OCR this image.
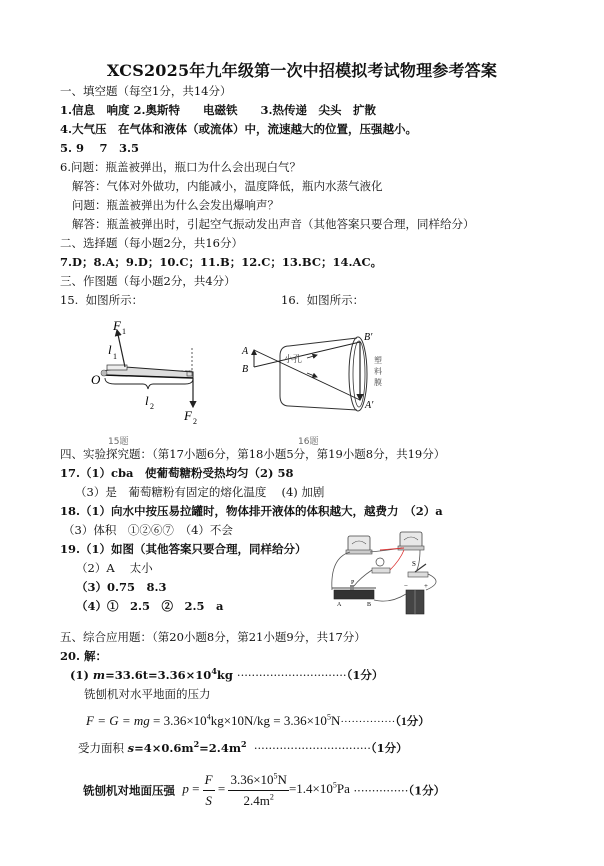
XCS2025年九年级第一次中招模拟考试物理参考答案
一、填空题（每空1分，共14分）
1.信息　响度 2.奥斯特　　电磁铁　　3.热传递　尖头　扩散
4.大气压　在气体和液体（或流体）中，流速越大的位置，压强越小。
5. 9　 7　3.5
6.问题：瓶盖被弹出，瓶口为什么会出现白气？
解答：气体对外做功，内能减小，温度降低，瓶内水蒸气液化
问题：瓶盖被弹出为什么会发出爆响声？
解答：瓶盖被弹出时，引起空气振动发出声音（其他答案只要合理，同样给分）
二、选择题（每小题2分，共16分）
7.D；8.A；9.D；10.C；11.B；12.C；13.BC；14.AC。
三、作图题（每小题2分，共4分）
15.  如图所示：	16.  如图所示：
F 1
l 1
O
l 2
F 2
15题
A
B
B′
A′
小孔	塑
料
膜
16题
四、实验探究题：（第17小题6分，第18小题5分，第19小题8分，共19分）
17.（1）cba　使葡萄糖粉受热均匀（2) 58
（3）是　葡萄糖粉有固定的熔化温度　 (4) 加剧
18.（1）向水中按压易拉罐时，物体排开液体的体积越大，越费力　（2）a
（3）体积　①②⑥⑦　（4）不会
19.（1）如图（其他答案只要合理，同样给分）
（2）A　 太小
（3）0.75　8.3
（4）①　2.5　②　2.5　a
S
P
A	B
− +
五、综合应用题：（第20小题8分，第21小题9分，共17分）
20. 解：
(1) $m=33.6t=3.36\times 10^4kg \cdot\cdot\cdot\cdot\cdot\cdot\cdot\cdot\cdot\cdot\cdot\cdot\cdot\cdot\cdot\cdot\cdot\cdot\cdot\cdot\cdot\cdot\cdot\cdot\cdot\cdot\cdot\cdot\cdot\cdot(1$分）
铣刨机对水平地面的压力
F = G = mg = $3.36\times 10^4kg\times 10N/kg = 3.36\times 10^5N\cdot\cdot\cdot\cdot\cdot\cdot\cdot\cdot\cdot\cdot\cdot\cdot\cdot\cdot\cdot(1$分）
受力面积 $s=4\times 0.6m^2=2.4m^2 \cdot\cdot\cdot\cdot\cdot\cdot\cdot\cdot\cdot\cdot\cdot\cdot\cdot\cdot\cdot\cdot\cdot\cdot\cdot\cdot\cdot\cdot\cdot\cdot\cdot\cdot\cdot\cdot\cdot\cdot\cdot\cdot(1$分）
铣刨机对地面压强 $p = \frac{F}{S} = \frac{3.36\times 10^5N}{2.4m^2} =1.4\times 10^5Pa \cdot\cdot\cdot\cdot\cdot\cdot\cdot\cdot\cdot\cdot\cdot\cdot\cdot\cdot\cdot(1$分）
